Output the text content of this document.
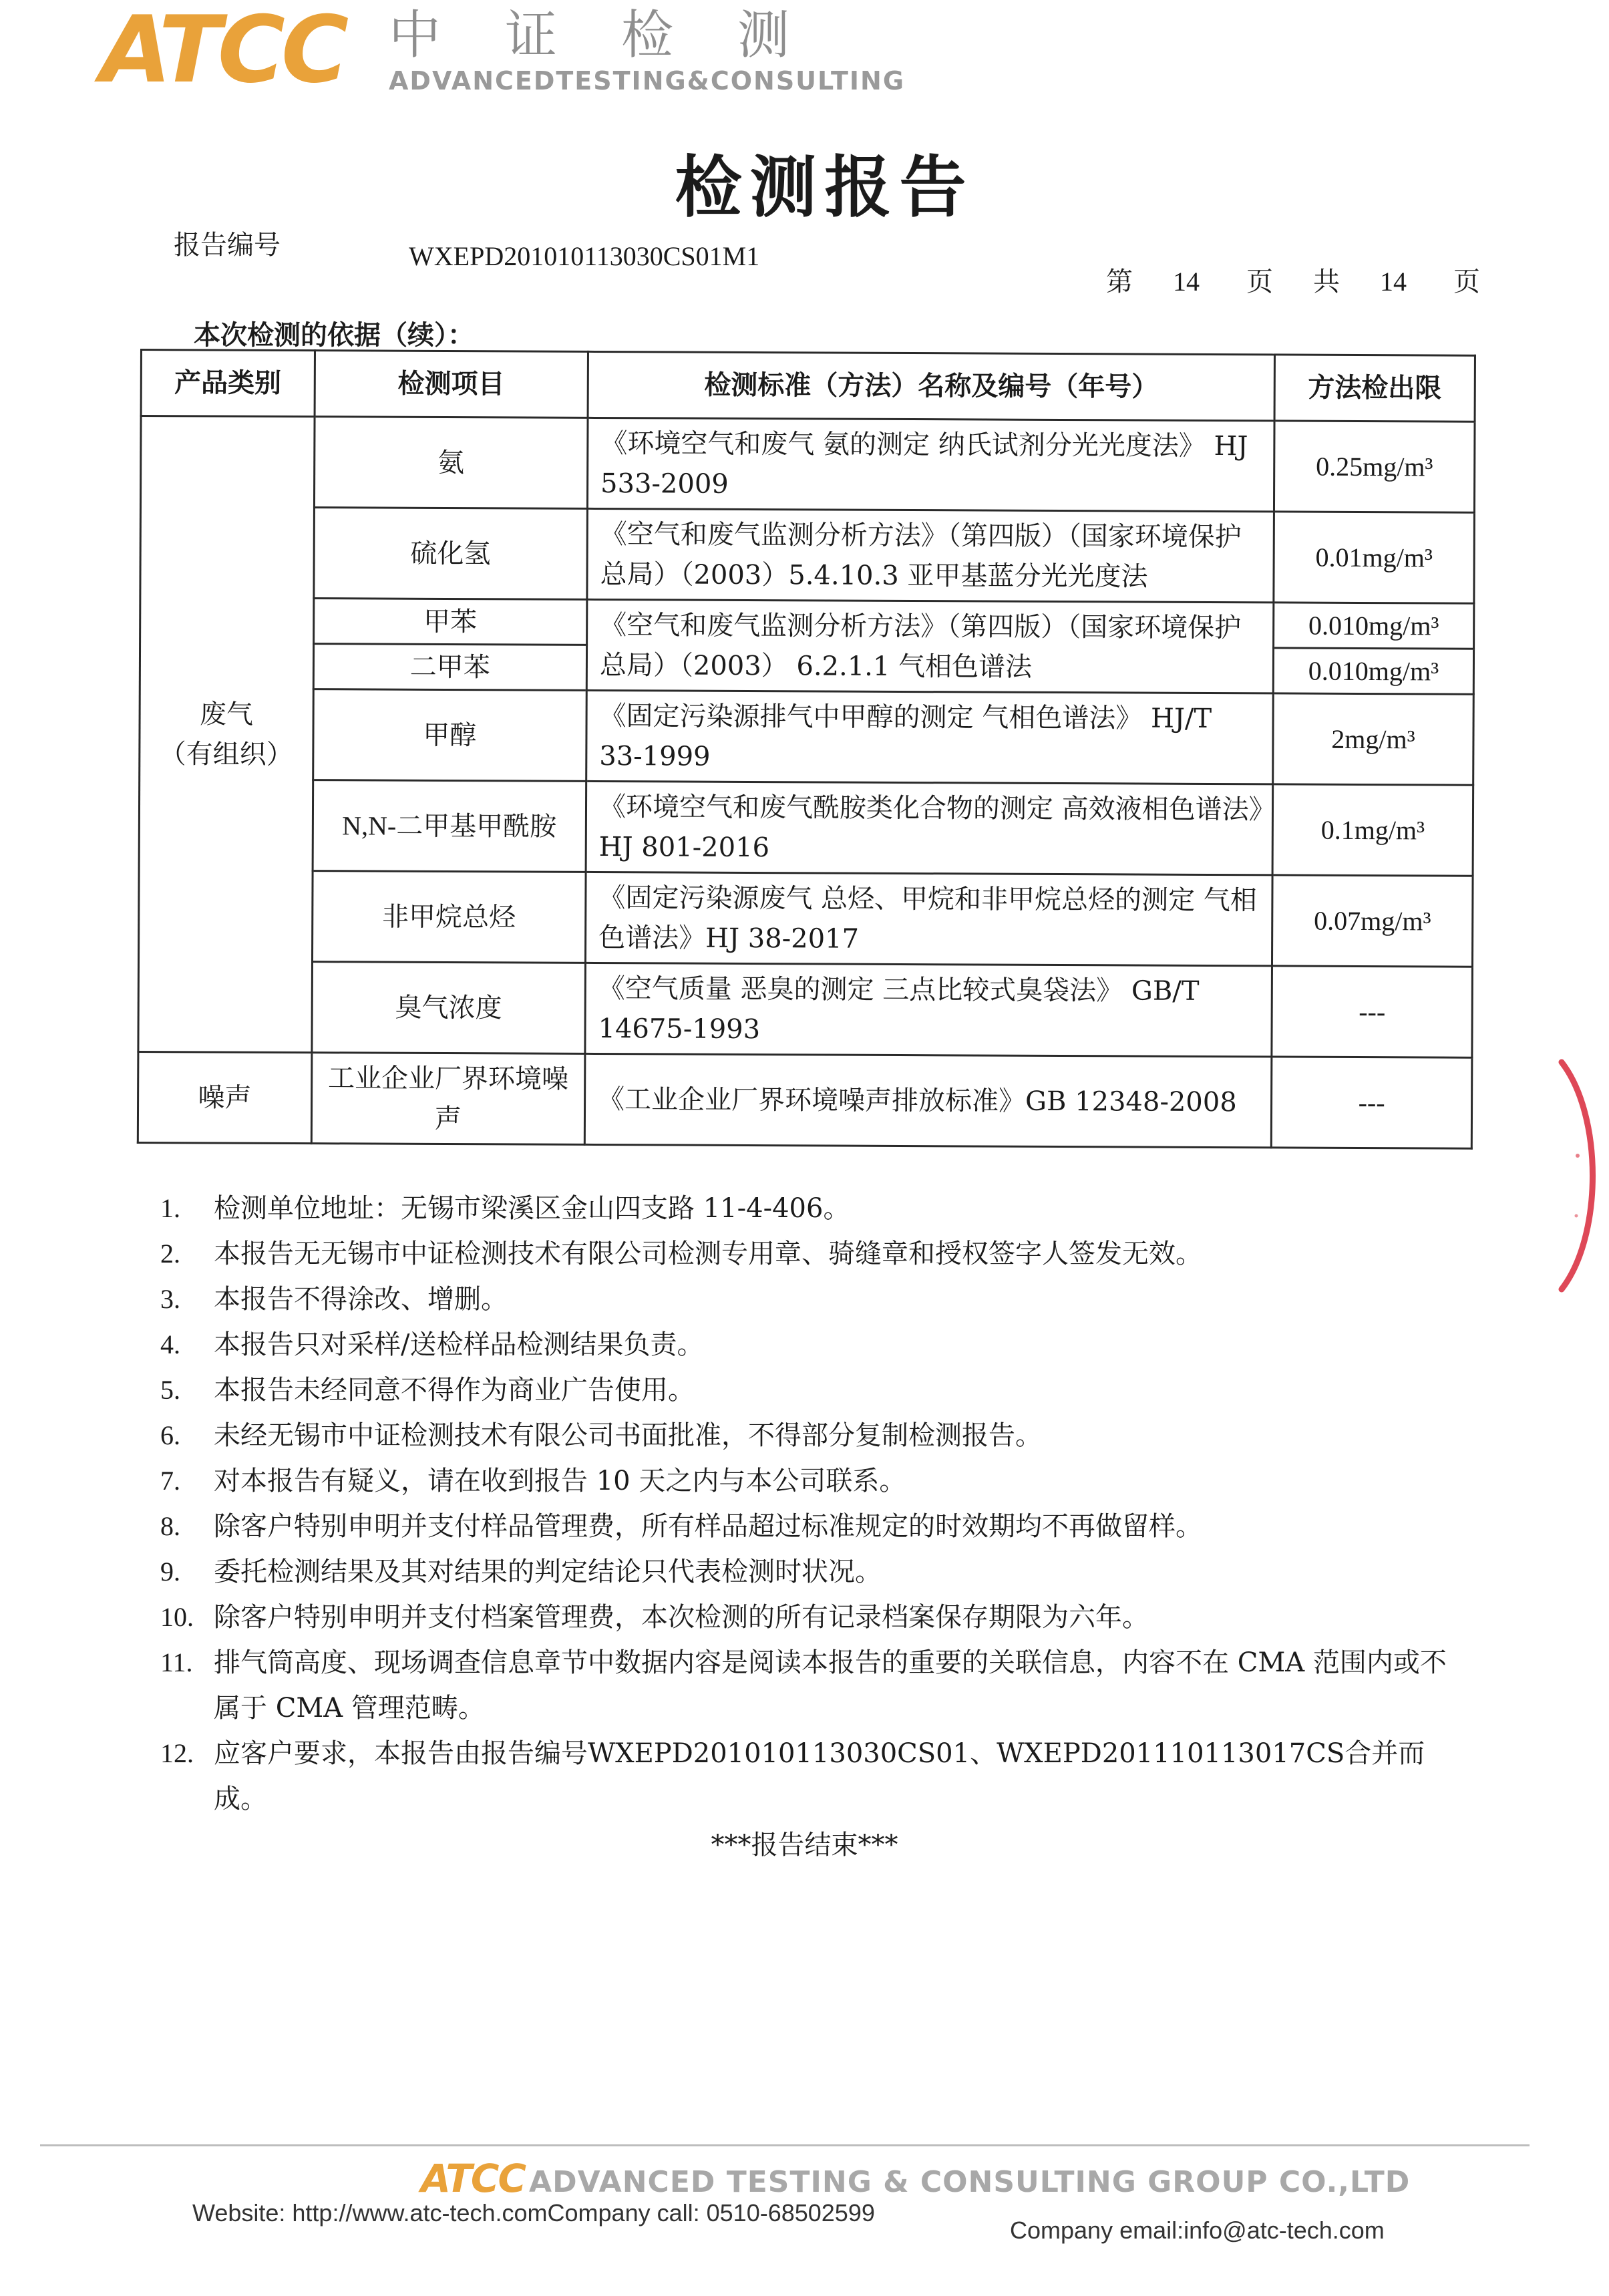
ATCC 中证检测
ADVANCEDTESTING&CONSULTING
检测报告
报告编号	WXEPD201010113030CS01M1
第	14	页	共	14	页
本次检测的依据（续）：
产品类别	检测项目	检测标准（方法）名称及编号（年号）	方法检出限

废气
（有组织）	氨	《环境空气和废气 氨的测定 纳氏试剂分光光度法》 HJ 533-2009	0.25mg/m³
	硫化氢	《空气和废气监测分析方法》（第四版）（国家环境保护总局）（2003）5.4.10.3 亚甲基蓝分光光度法	0.01mg/m³
	甲苯	《空气和废气监测分析方法》（第四版）（国家环境保护总局）（2003） 6.2.1.1 气相色谱法	0.010mg/m³
	二甲苯		0.010mg/m³
	甲醇	《固定污染源排气中甲醇的测定 气相色谱法》 HJ/T 33-1999	2mg/m³
	N,N-二甲基甲酰胺	《环境空气和废气酰胺类化合物的测定 高效液相色谱法》HJ 801-2016	0.1mg/m³
	非甲烷总烃	《固定污染源废气 总烃、甲烷和非甲烷总烃的测定 气相色谱法》HJ 38-2017	0.07mg/m³
	臭气浓度	《空气质量 恶臭的测定 三点比较式臭袋法》 GB/T 14675-1993	---
噪声	工业企业厂界环境噪声	《工业企业厂界环境噪声排放标准》GB 12348-2008	---
1.	检测单位地址：无锡市梁溪区金山四支路 11-4-406。
2.	本报告无无锡市中证检测技术有限公司检测专用章、骑缝章和授权签字人签发无效。
3.	本报告不得涂改、增删。
4.	本报告只对采样/送检样品检测结果负责。
5.	本报告未经同意不得作为商业广告使用。
6.	未经无锡市中证检测技术有限公司书面批准，不得部分复制检测报告。
7.	对本报告有疑义，请在收到报告 10 天之内与本公司联系。
8.	除客户特别申明并支付样品管理费，所有样品超过标准规定的时效期均不再做留样。
9.	委托检测结果及其对结果的判定结论只代表检测时状况。
10. 除客户特别申明并支付档案管理费，本次检测的所有记录档案保存期限为六年。
11. 排气筒高度、现场调查信息章节中数据内容是阅读本报告的重要的关联信息，内容不在 CMA 范围内或不属于 CMA 管理范畴。
12. 应客户要求，本报告由报告编号WXEPD201010113030CS01、WXEPD201110113017CS合并而成。
***报告结束***
ATCC ADVANCED TESTING & CONSULTING GROUP CO.,LTD
Website: http://www.atc-tech.comCompany call: 0510-68502599
Company email:info@atc-tech.com
